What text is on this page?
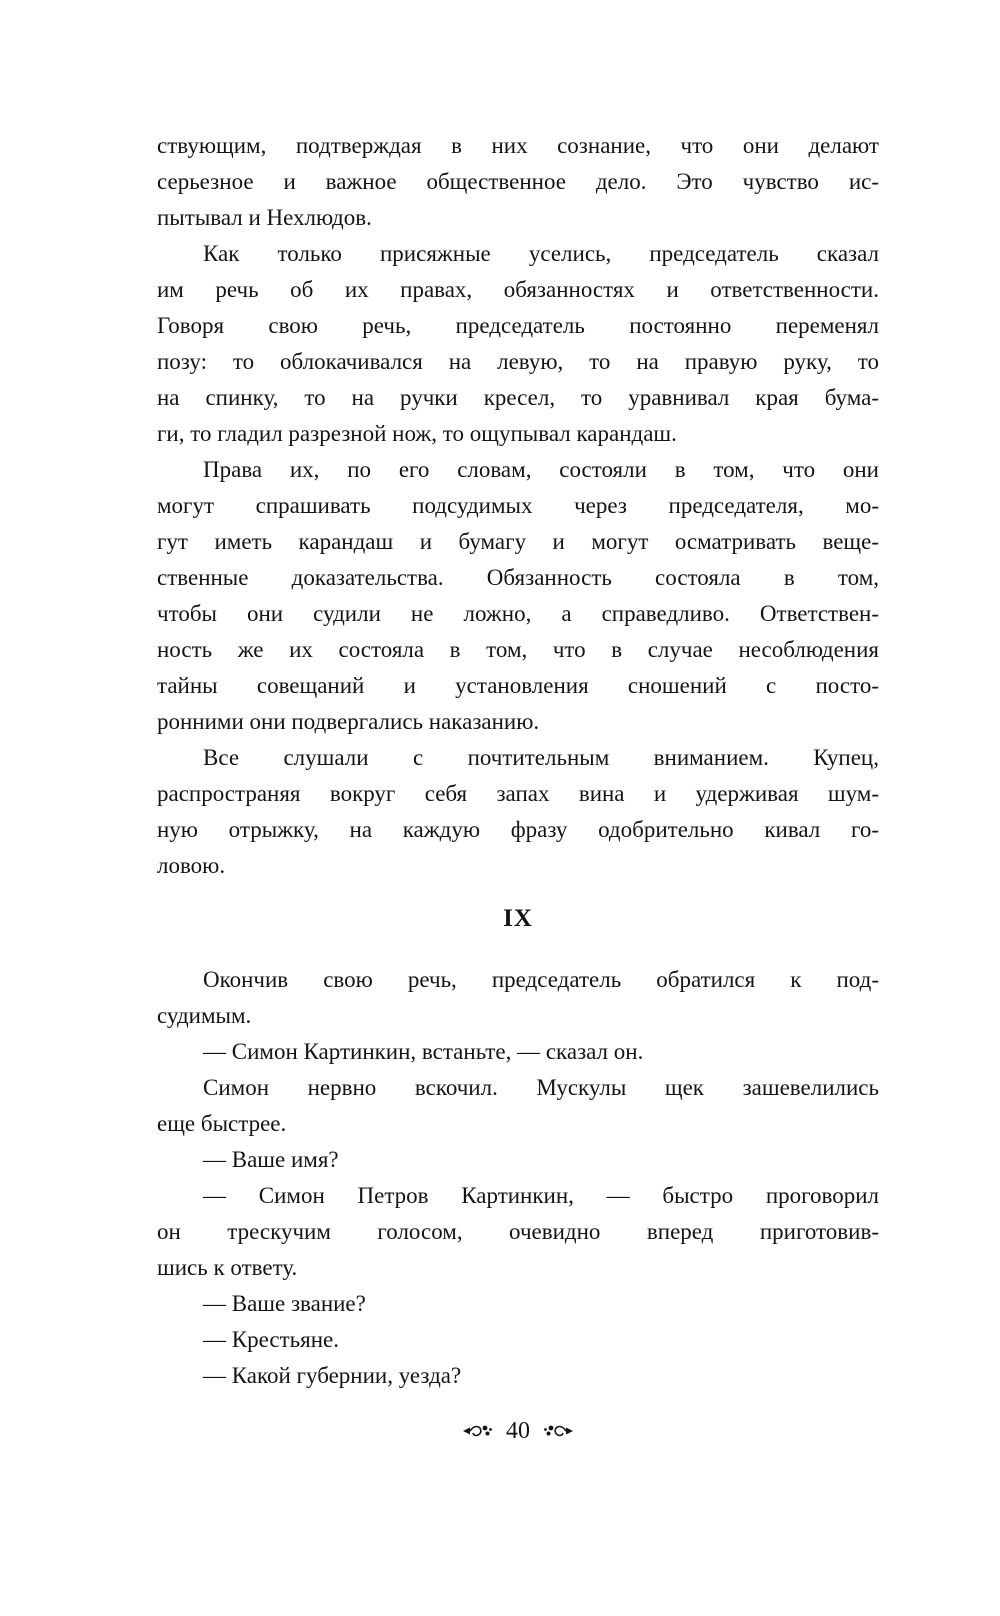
ствующим, подтверждая в них сознание, что они делают
серьезное и важное общественное дело. Это чувство ис-
пытывал и Нехлюдов.
Как только присяжные уселись, председатель сказал
им речь об их правах, обязанностях и ответственности.
Говоря свою речь, председатель постоянно переменял
позу: то облокачивался на левую, то на правую руку, то
на спинку, то на ручки кресел, то уравнивал края бума-
ги, то гладил разрезной нож, то ощупывал карандаш.
Права их, по его словам, состояли в том, что они
могут спрашивать подсудимых через председателя, мо-
гут иметь карандаш и бумагу и могут осматривать веще-
ственные доказательства. Обязанность состояла в том,
чтобы они судили не ложно, а справедливо. Ответствен-
ность же их состояла в том, что в случае несоблюдения
тайны совещаний и установления сношений с посто-
ронними они подвергались наказанию.
Все слушали с почтительным вниманием. Купец,
распространяя вокруг себя запах вина и удерживая шум-
ную отрыжку, на каждую фразу одобрительно кивал го-
ловою.
IX
Окончив свою речь, председатель обратился к под-
судимым.
— Симон Картинкин, встаньте, — сказал он.
Симон нервно вскочил. Мускулы щек зашевелились
еще быстрее.
— Ваше имя?
— Симон Петров Картинкин, — быстро проговорил
он трескучим голосом, очевидно вперед приготовив-
шись к ответу.
— Ваше звание?
— Крестьяне.
— Какой губернии, уезда?
40
